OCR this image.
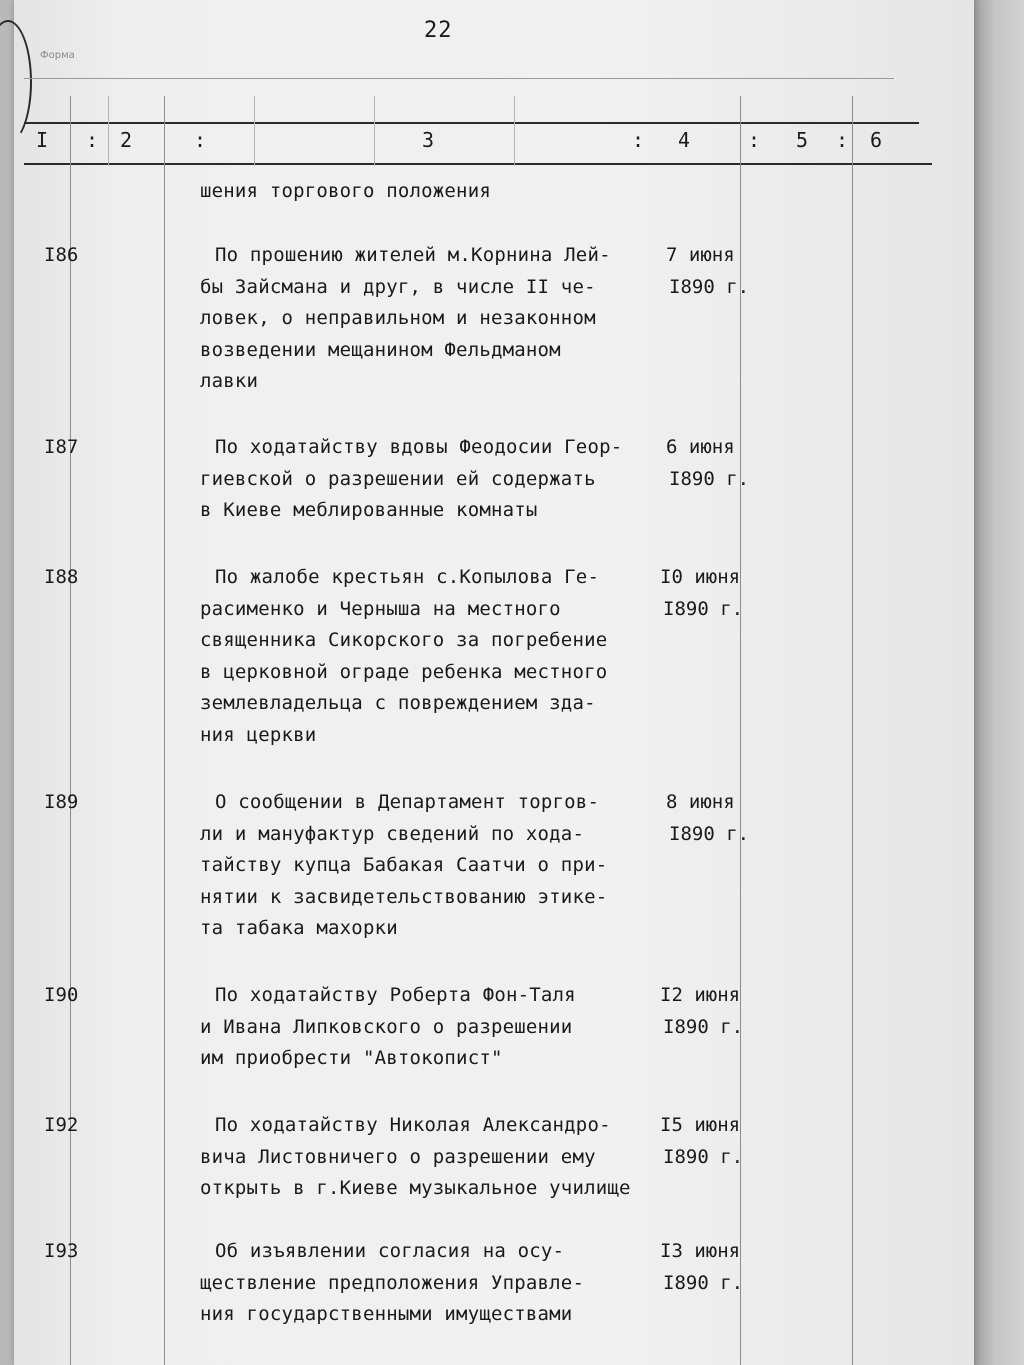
22
Форма
I : 2	:	3	: 4	: 5 : 6
шения торгового положения
I86	По прошению жителей м.Корнина Лей-
бы Зайсмана и друг, в числе II че-
ловек, о неправильном и незаконном
возведении мещанином Фельдманом
лавки
7 июня
I890 г.
I87	По ходатайству вдовы Феодосии Геор-
гиевской о разрешении ей содержать
в Киеве меблированные комнаты
6 июня
I890 г.
I88	По жалобе крестьян с.Копылова Ге-
расименко и Черныша на местного
священника Сикорского за погребение
в церковной ограде ребенка местного
землевладельца с повреждением зда-
ния церкви
I0 июня
I890 г.
I89	О сообщении в Департамент торгов-
ли и мануфактур сведений по хода-
тайству купца Бабакая Саатчи о при-
нятии к засвидетельствованию этике-
та табака махорки
8 июня
I890 г.
I90	По ходатайству Роберта Фон-Таля
и Ивана Липковского о разрешении
им приобрести "Автокопист"
I2 июня
I890 г.
I92	По ходатайству Николая Александро-
вича Листовничего о разрешении ему
открыть в г.Киеве музыкальное училище
I5 июня
I890 г.
I93	Об изъявлении согласия на осу-
ществление предположения Управле-
ния государственными имуществами
I3 июня
I890 г.
